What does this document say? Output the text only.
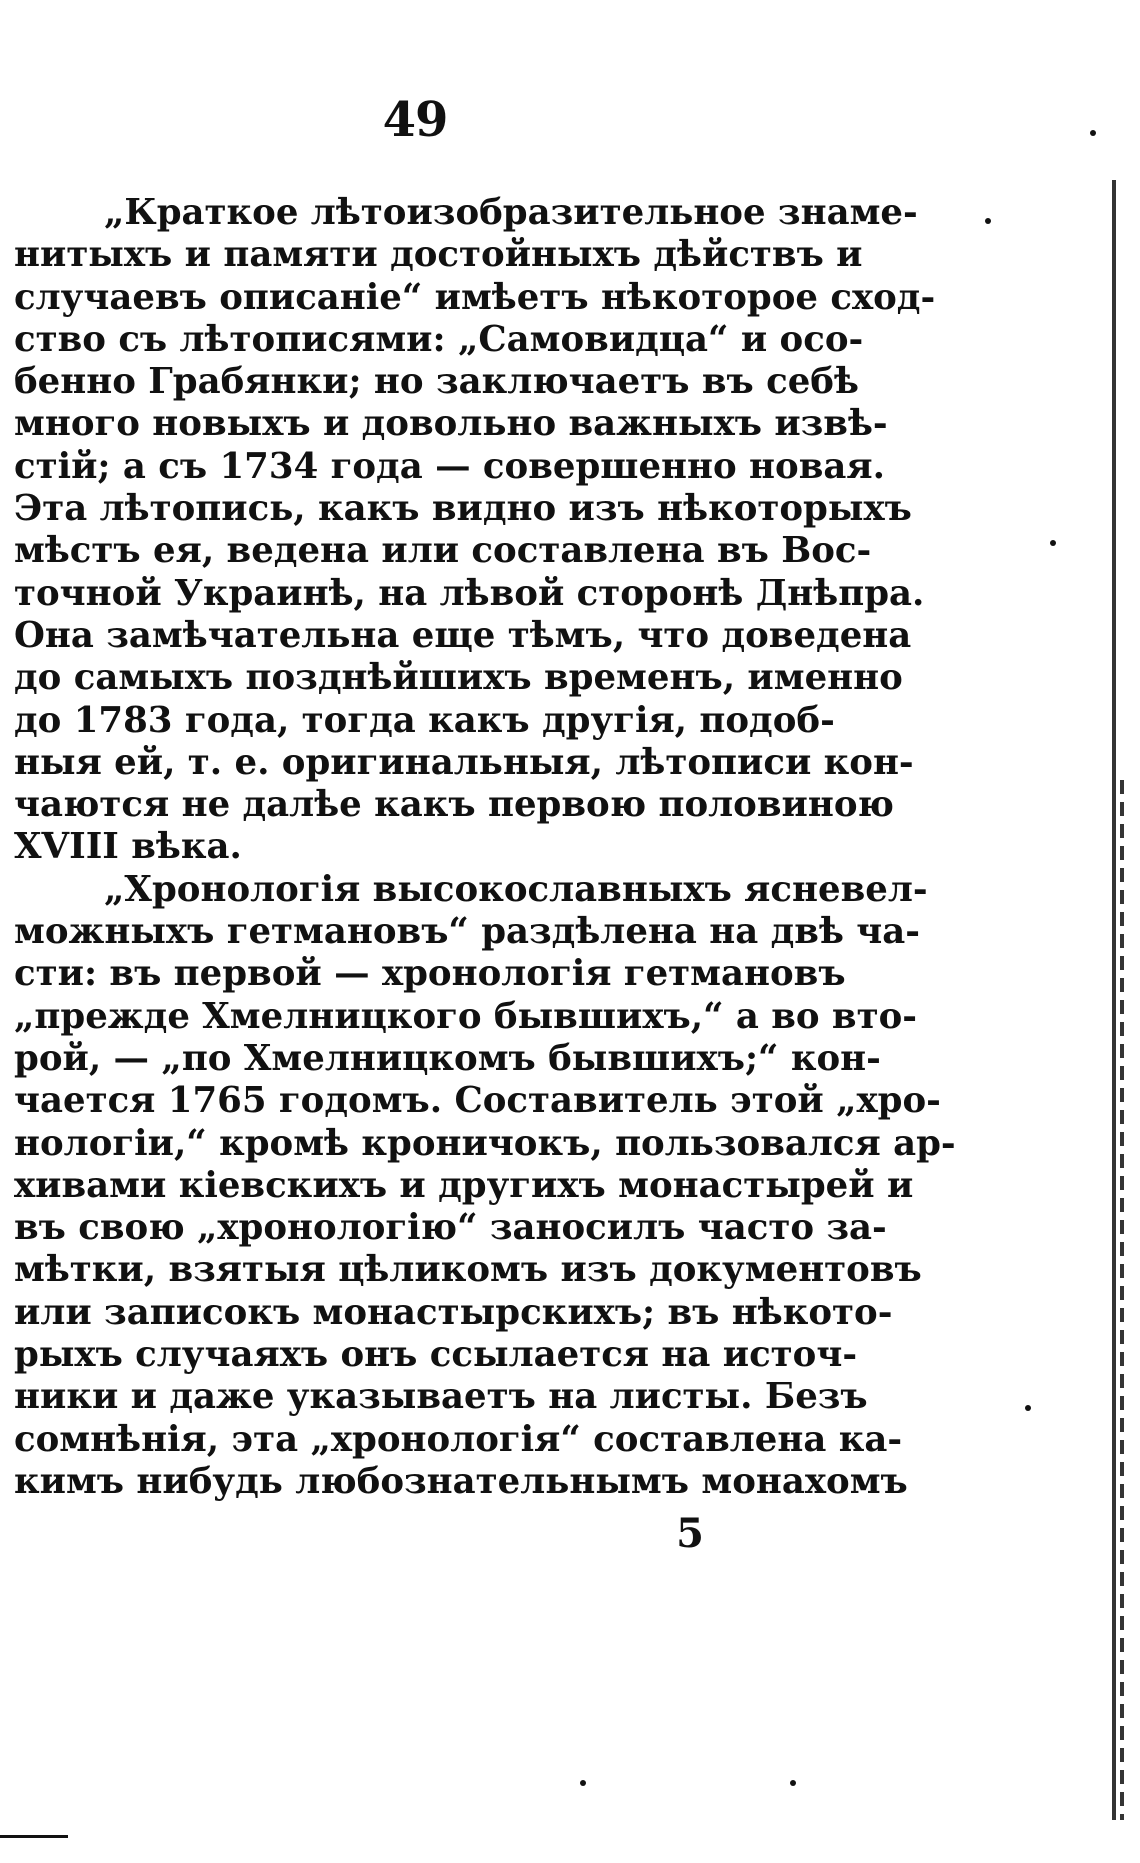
49
„Краткое лѣтоизобразительное знаме-
нитыхъ и памяти достойныхъ дѣйствъ и
случаевъ описаніе“ имѣетъ нѣкоторое сход-
ство съ лѣтописями: „Самовидца“ и осо-
бенно Грабянки; но заключаетъ въ себѣ
много новыхъ и довольно важныхъ извѣ-
стій; а съ 1734 года — совершенно новая.
Эта лѣтопись, какъ видно изъ нѣкоторыхъ
мѣстъ ея, ведена или составлена въ Вос-
точной Украинѣ, на лѣвой сторонѣ Днѣпра.
Она замѣчательна еще тѣмъ, что доведена
до самыхъ позднѣйшихъ временъ, именно
до 1783 года, тогда какъ другія, подоб-
ныя ей, т. е. оригинальныя, лѣтописи кон-
чаются не далѣе какъ первою половиною
XVIII вѣка.
„Хронологія высокославныхъ ясневел-
можныхъ гетмановъ“ раздѣлена на двѣ ча-
сти: въ первой — хронологія гетмановъ
„прежде Хмелницкого бывшихъ,“ а во вто-
рой, — „по Хмелницкомъ бывшихъ;“ кон-
чается 1765 годомъ. Составитель этой „хро-
нологіи,“ кромѣ кроничокъ, пользовался ар-
хивами кіевскихъ и другихъ монастырей и
въ свою „хронологію“ заносилъ часто за-
мѣтки, взятыя цѣликомъ изъ документовъ
или записокъ монастырскихъ; въ нѣкото-
рыхъ случаяхъ онъ ссылается на источ-
ники и даже указываетъ на листы. Безъ
сомнѣнія, эта „хронологія“ составлена ка-
кимъ нибудь любознательнымъ монахомъ
5
